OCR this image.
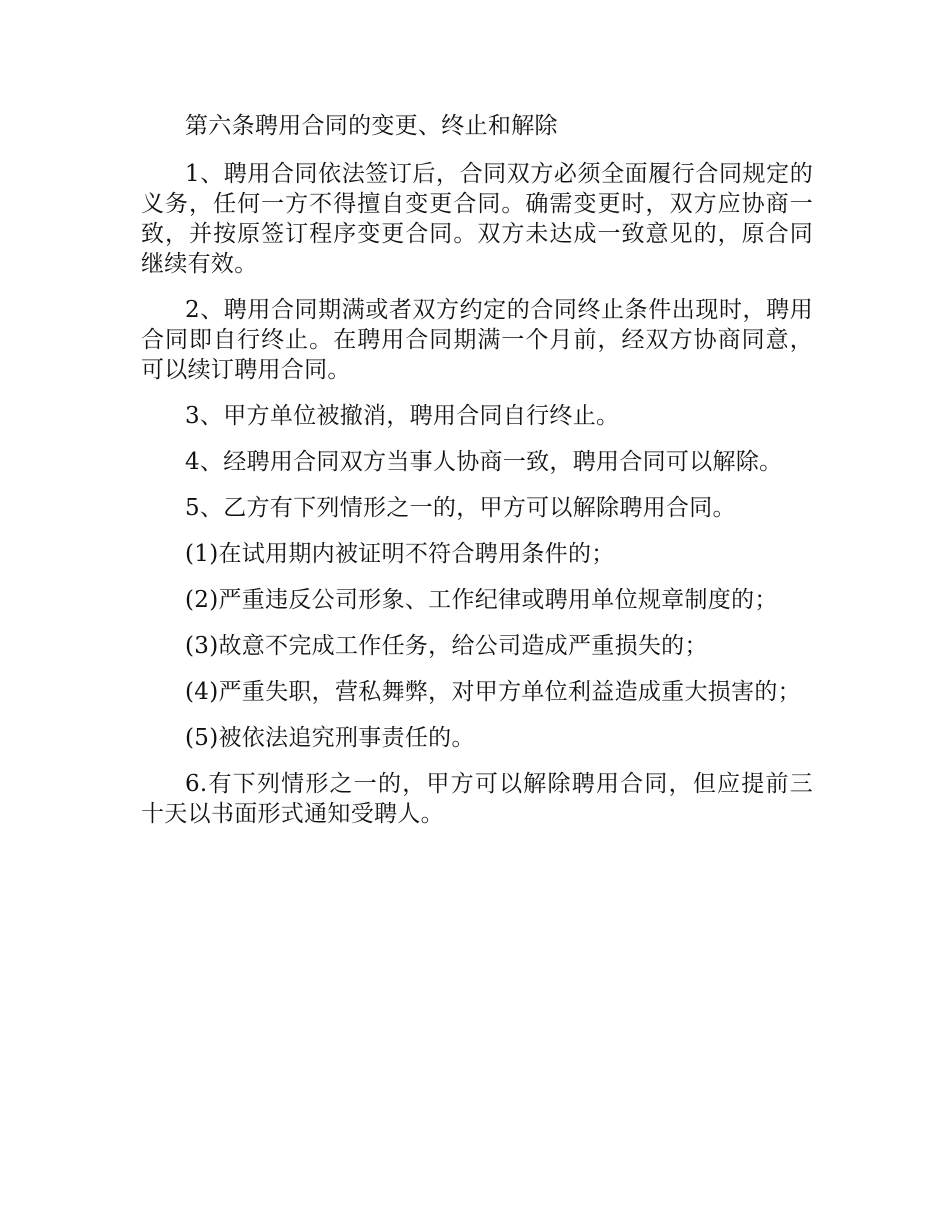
第六条聘用合同的变更、终止和解除

1、聘用合同依法签订后，合同双方必须全面履行合同规定的义务，任何一方不得擅自变更合同。确需变更时，双方应协商一致，并按原签订程序变更合同。双方未达成一致意见的，原合同继续有效。

2、聘用合同期满或者双方约定的合同终止条件出现时，聘用合同即自行终止。在聘用合同期满一个月前，经双方协商同意，可以续订聘用合同。

3、甲方单位被撤消，聘用合同自行终止。

4、经聘用合同双方当事人协商一致，聘用合同可以解除。

5、乙方有下列情形之一的，甲方可以解除聘用合同。

(1)在试用期内被证明不符合聘用条件的；

(2)严重违反公司形象、工作纪律或聘用单位规章制度的；

(3)故意不完成工作任务，给公司造成严重损失的；

(4)严重失职，营私舞弊，对甲方单位利益造成重大损害的；

(5)被依法追究刑事责任的。

6.有下列情形之一的，甲方可以解除聘用合同，但应提前三十天以书面形式通知受聘人。
